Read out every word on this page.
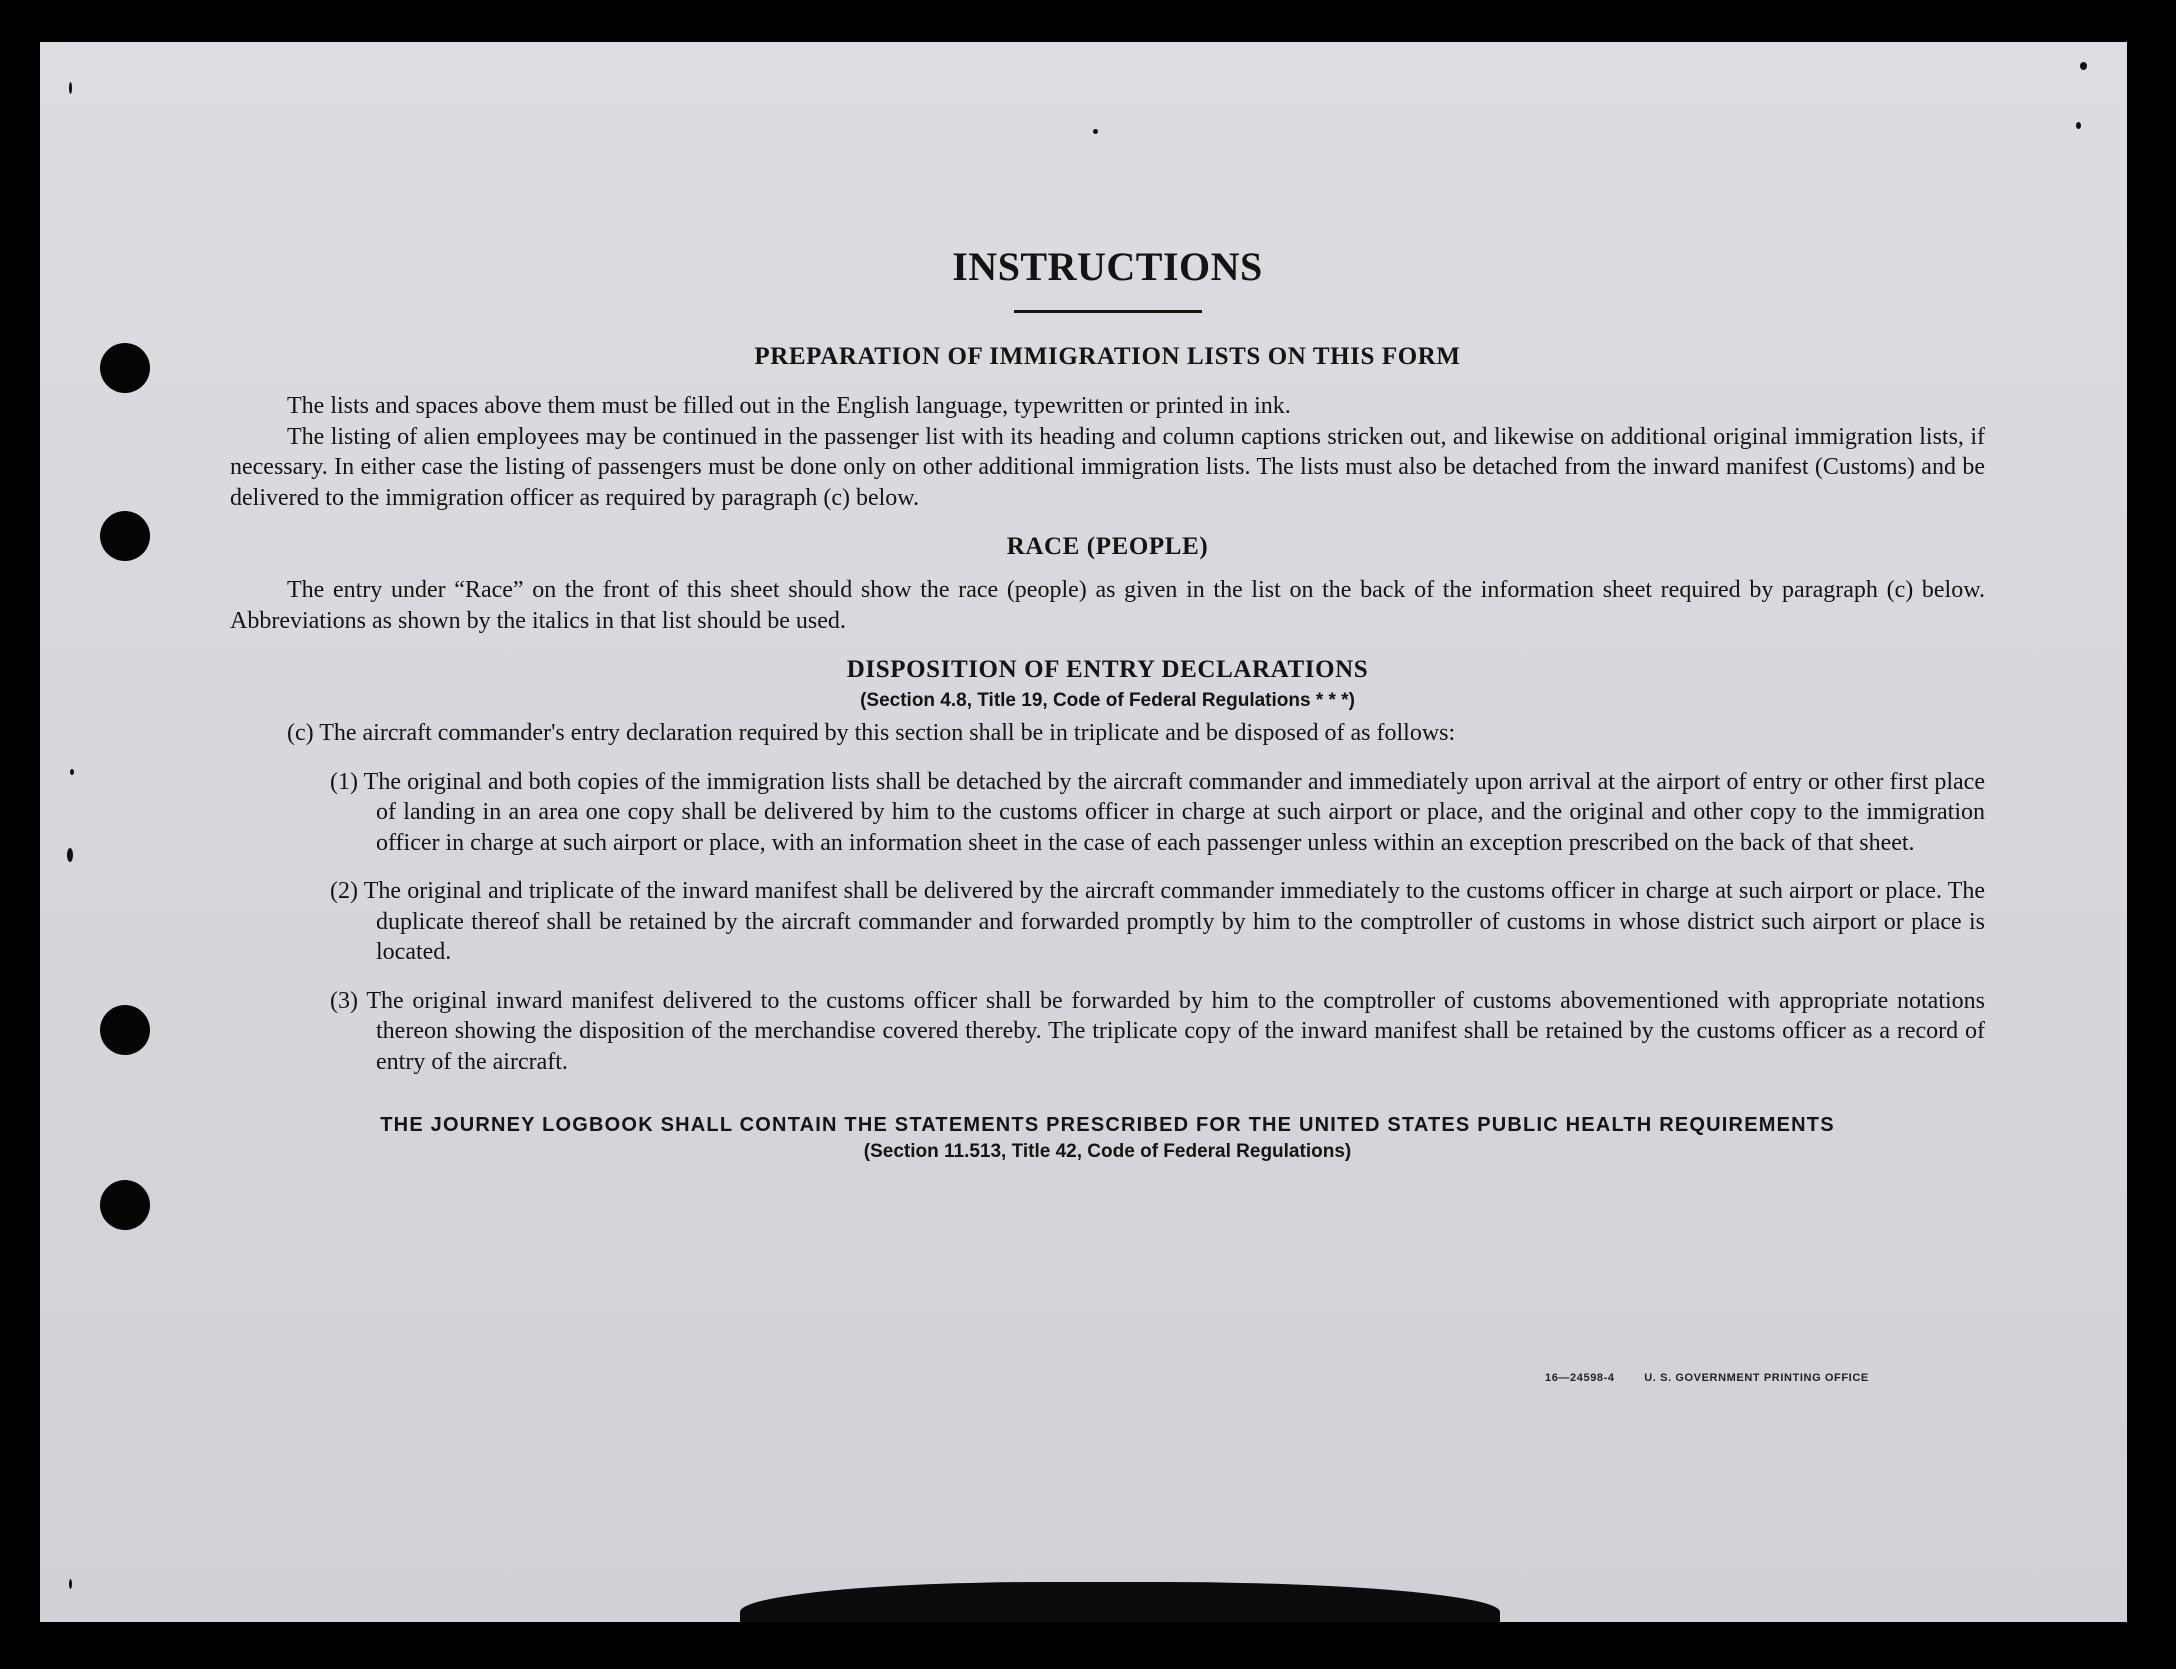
INSTRUCTIONS
PREPARATION OF IMMIGRATION LISTS ON THIS FORM

The lists and spaces above them must be filled out in the English language, typewritten or printed in ink.

The listing of alien employees may be continued in the passenger list with its heading and column captions stricken out, and likewise on additional original immigration lists, if necessary. In either case the listing of passengers must be done only on other additional immigration lists. The lists must also be detached from the inward manifest (Customs) and be delivered to the immigration officer as required by paragraph (c) below.

RACE (PEOPLE)

The entry under “Race” on the front of this sheet should show the race (people) as given in the list on the back of the information sheet required by paragraph (c) below. Abbreviations as shown by the italics in that list should be used.

DISPOSITION OF ENTRY DECLARATIONS

(Section 4.8, Title 19, Code of Federal Regulations * * *)

(c) The aircraft commander's entry declaration required by this section shall be in triplicate and be disposed of as follows:

(1) The original and both copies of the immigration lists shall be detached by the aircraft commander and immediately upon arrival at the airport of entry or other first place of landing in an area one copy shall be delivered by him to the customs officer in charge at such airport or place, and the original and other copy to the immigration officer in charge at such airport or place, with an information sheet in the case of each passenger unless within an exception prescribed on the back of that sheet.

(2) The original and triplicate of the inward manifest shall be delivered by the aircraft commander immediately to the customs officer in charge at such airport or place. The duplicate thereof shall be retained by the aircraft commander and forwarded promptly by him to the comptroller of customs in whose district such airport or place is located.

(3) The original inward manifest delivered to the customs officer shall be forwarded by him to the comptroller of customs abovementioned with appropriate notations thereon showing the disposition of the merchandise covered thereby. The triplicate copy of the inward manifest shall be retained by the customs officer as a record of entry of the aircraft.

THE JOURNEY LOGBOOK SHALL CONTAIN THE STATEMENTS PRESCRIBED FOR THE UNITED STATES PUBLIC HEALTH REQUIREMENTS

(Section 11.513, Title 42, Code of Federal Regulations)

16—24598-4	U. S. GOVERNMENT PRINTING OFFICE
